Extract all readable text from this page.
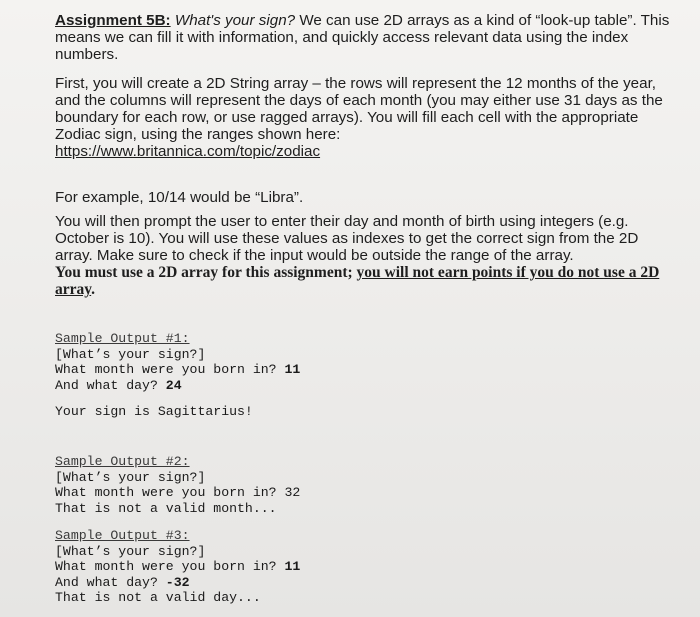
Assignment 5B: What's your sign? We can use 2D arrays as a kind of “look-up table”. This means we can fill it with information, and quickly access relevant data using the index numbers.
First, you will create a 2D String array – the rows will represent the 12 months of the year, and the columns will represent the days of each month (you may either use 31 days as the boundary for each row, or use ragged arrays). You will fill each cell with the appropriate Zodiac sign, using the ranges shown here:
https://www.britannica.com/topic/zodiac
For example, 10/14 would be “Libra”.
You will then prompt the user to enter their day and month of birth using integers (e.g. October is 10). You will use these values as indexes to get the correct sign from the 2D array. Make sure to check if the input would be outside the range of the array.
You must use a 2D array for this assignment; you will not earn points if you do not use a 2D array.
Sample Output #1:
[What’s your sign?]
What month were you born in? 11
And what day? 24
Your sign is Sagittarius!
Sample Output #2:
[What’s your sign?]
What month were you born in? 32
That is not a valid month...
Sample Output #3:
[What’s your sign?]
What month were you born in? 11
And what day? -32
That is not a valid day...
